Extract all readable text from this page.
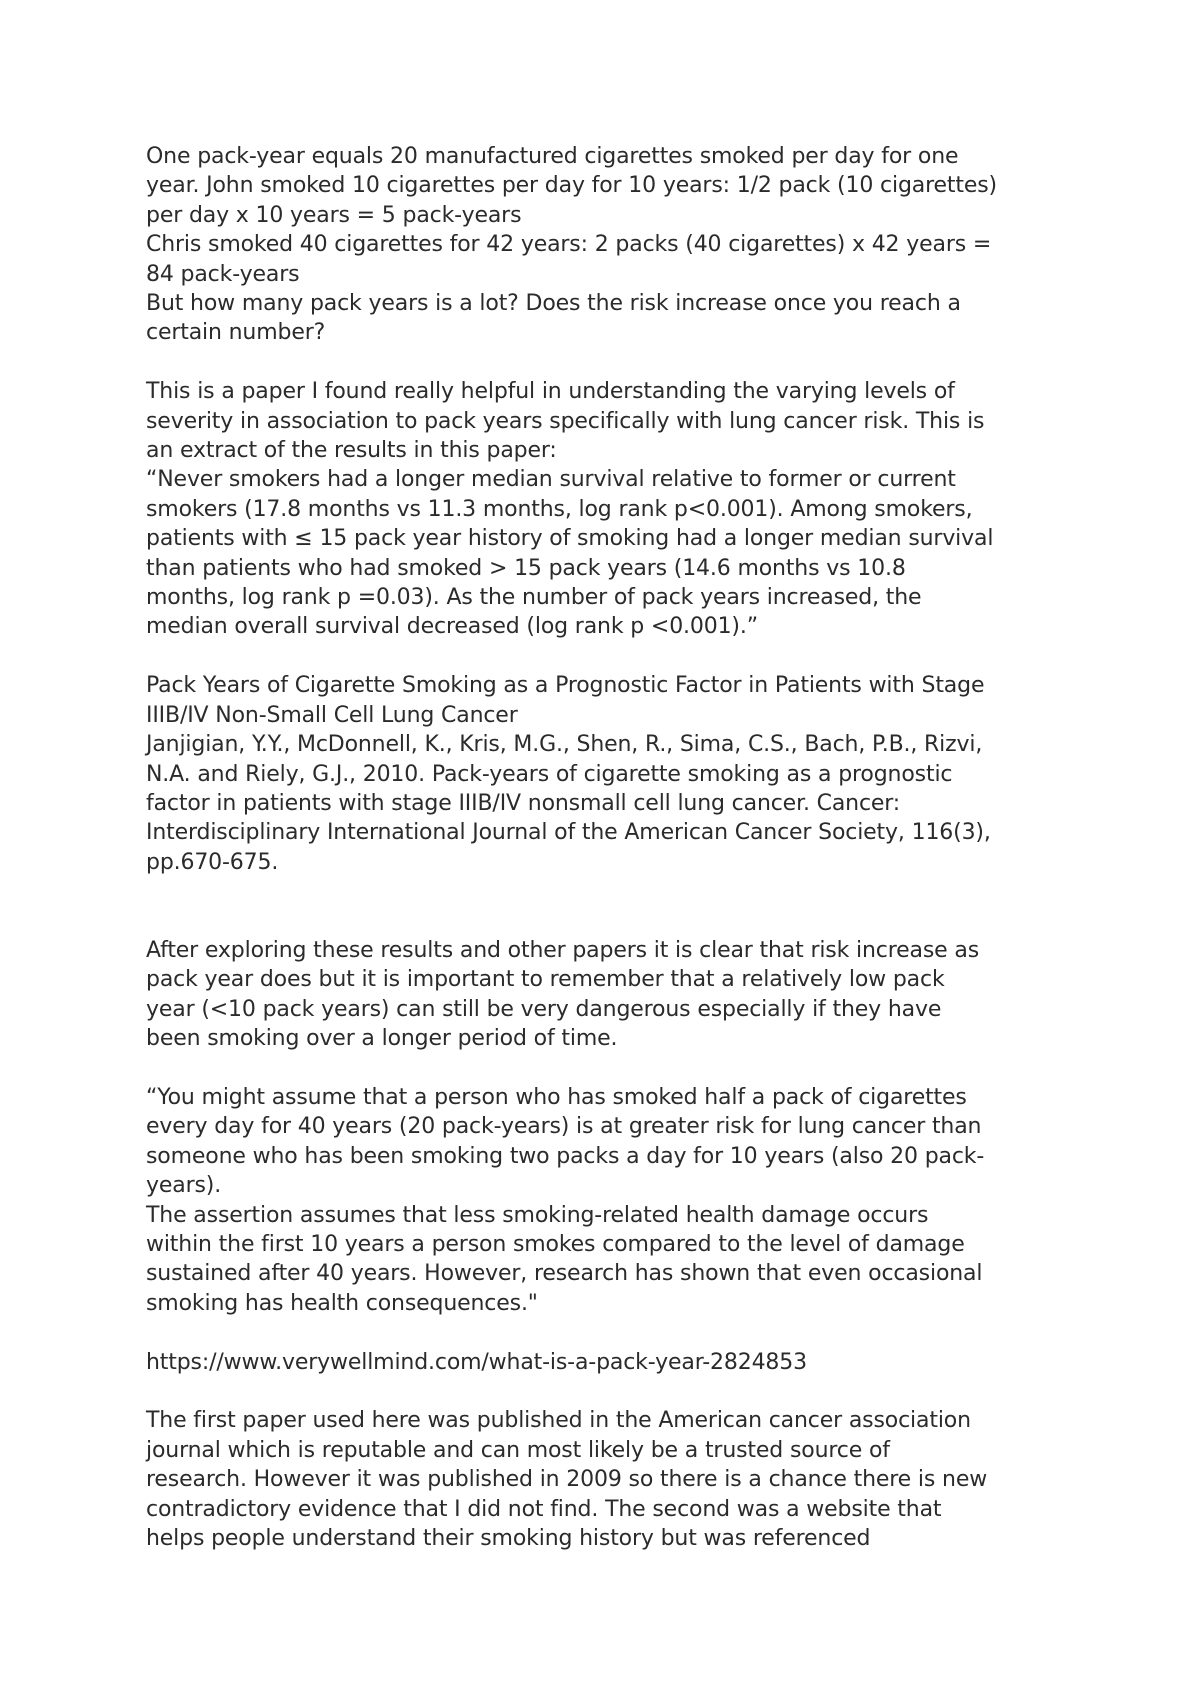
One pack-year equals 20 manufactured cigarettes smoked per day for one
year. John smoked 10 cigarettes per day for 10 years: 1/2 pack (10 cigarettes)
per day x 10 years = 5 pack-years
Chris smoked 40 cigarettes for 42 years: 2 packs (40 cigarettes) x 42 years =
84 pack-years
But how many pack years is a lot? Does the risk increase once you reach a
certain number?

This is a paper I found really helpful in understanding the varying levels of
severity in association to pack years specifically with lung cancer risk. This is
an extract of the results in this paper:
“Never smokers had a longer median survival relative to former or current
smokers (17.8 months vs 11.3 months, log rank p<0.001). Among smokers,
patients with ≤ 15 pack year history of smoking had a longer median survival
than patients who had smoked > 15 pack years (14.6 months vs 10.8
months, log rank p =0.03). As the number of pack years increased, the
median overall survival decreased (log rank p <0.001).”

Pack Years of Cigarette Smoking as a Prognostic Factor in Patients with Stage
IIIB/IV Non-Small Cell Lung Cancer
Janjigian, Y.Y., McDonnell, K., Kris, M.G., Shen, R., Sima, C.S., Bach, P.B., Rizvi,
N.A. and Riely, G.J., 2010. Pack-years of cigarette smoking as a prognostic
factor in patients with stage IIIB/IV nonsmall cell lung cancer. Cancer:
Interdisciplinary International Journal of the American Cancer Society, 116(3),
pp.670-675.

After exploring these results and other papers it is clear that risk increase as
pack year does but it is important to remember that a relatively low pack
year (<10 pack years) can still be very dangerous especially if they have
been smoking over a longer period of time.

“You might assume that a person who has smoked half a pack of cigarettes
every day for 40 years (20 pack-years) is at greater risk for lung cancer than
someone who has been smoking two packs a day for 10 years (also 20 pack-
years).
The assertion assumes that less smoking-related health damage occurs
within the first 10 years a person smokes compared to the level of damage
sustained after 40 years. However, research has shown that even occasional
smoking has health consequences."

https://www.verywellmind.com/what-is-a-pack-year-2824853

The first paper used here was published in the American cancer association
journal which is reputable and can most likely be a trusted source of
research. However it was published in 2009 so there is a chance there is new
contradictory evidence that I did not find. The second was a website that
helps people understand their smoking history but was referenced
